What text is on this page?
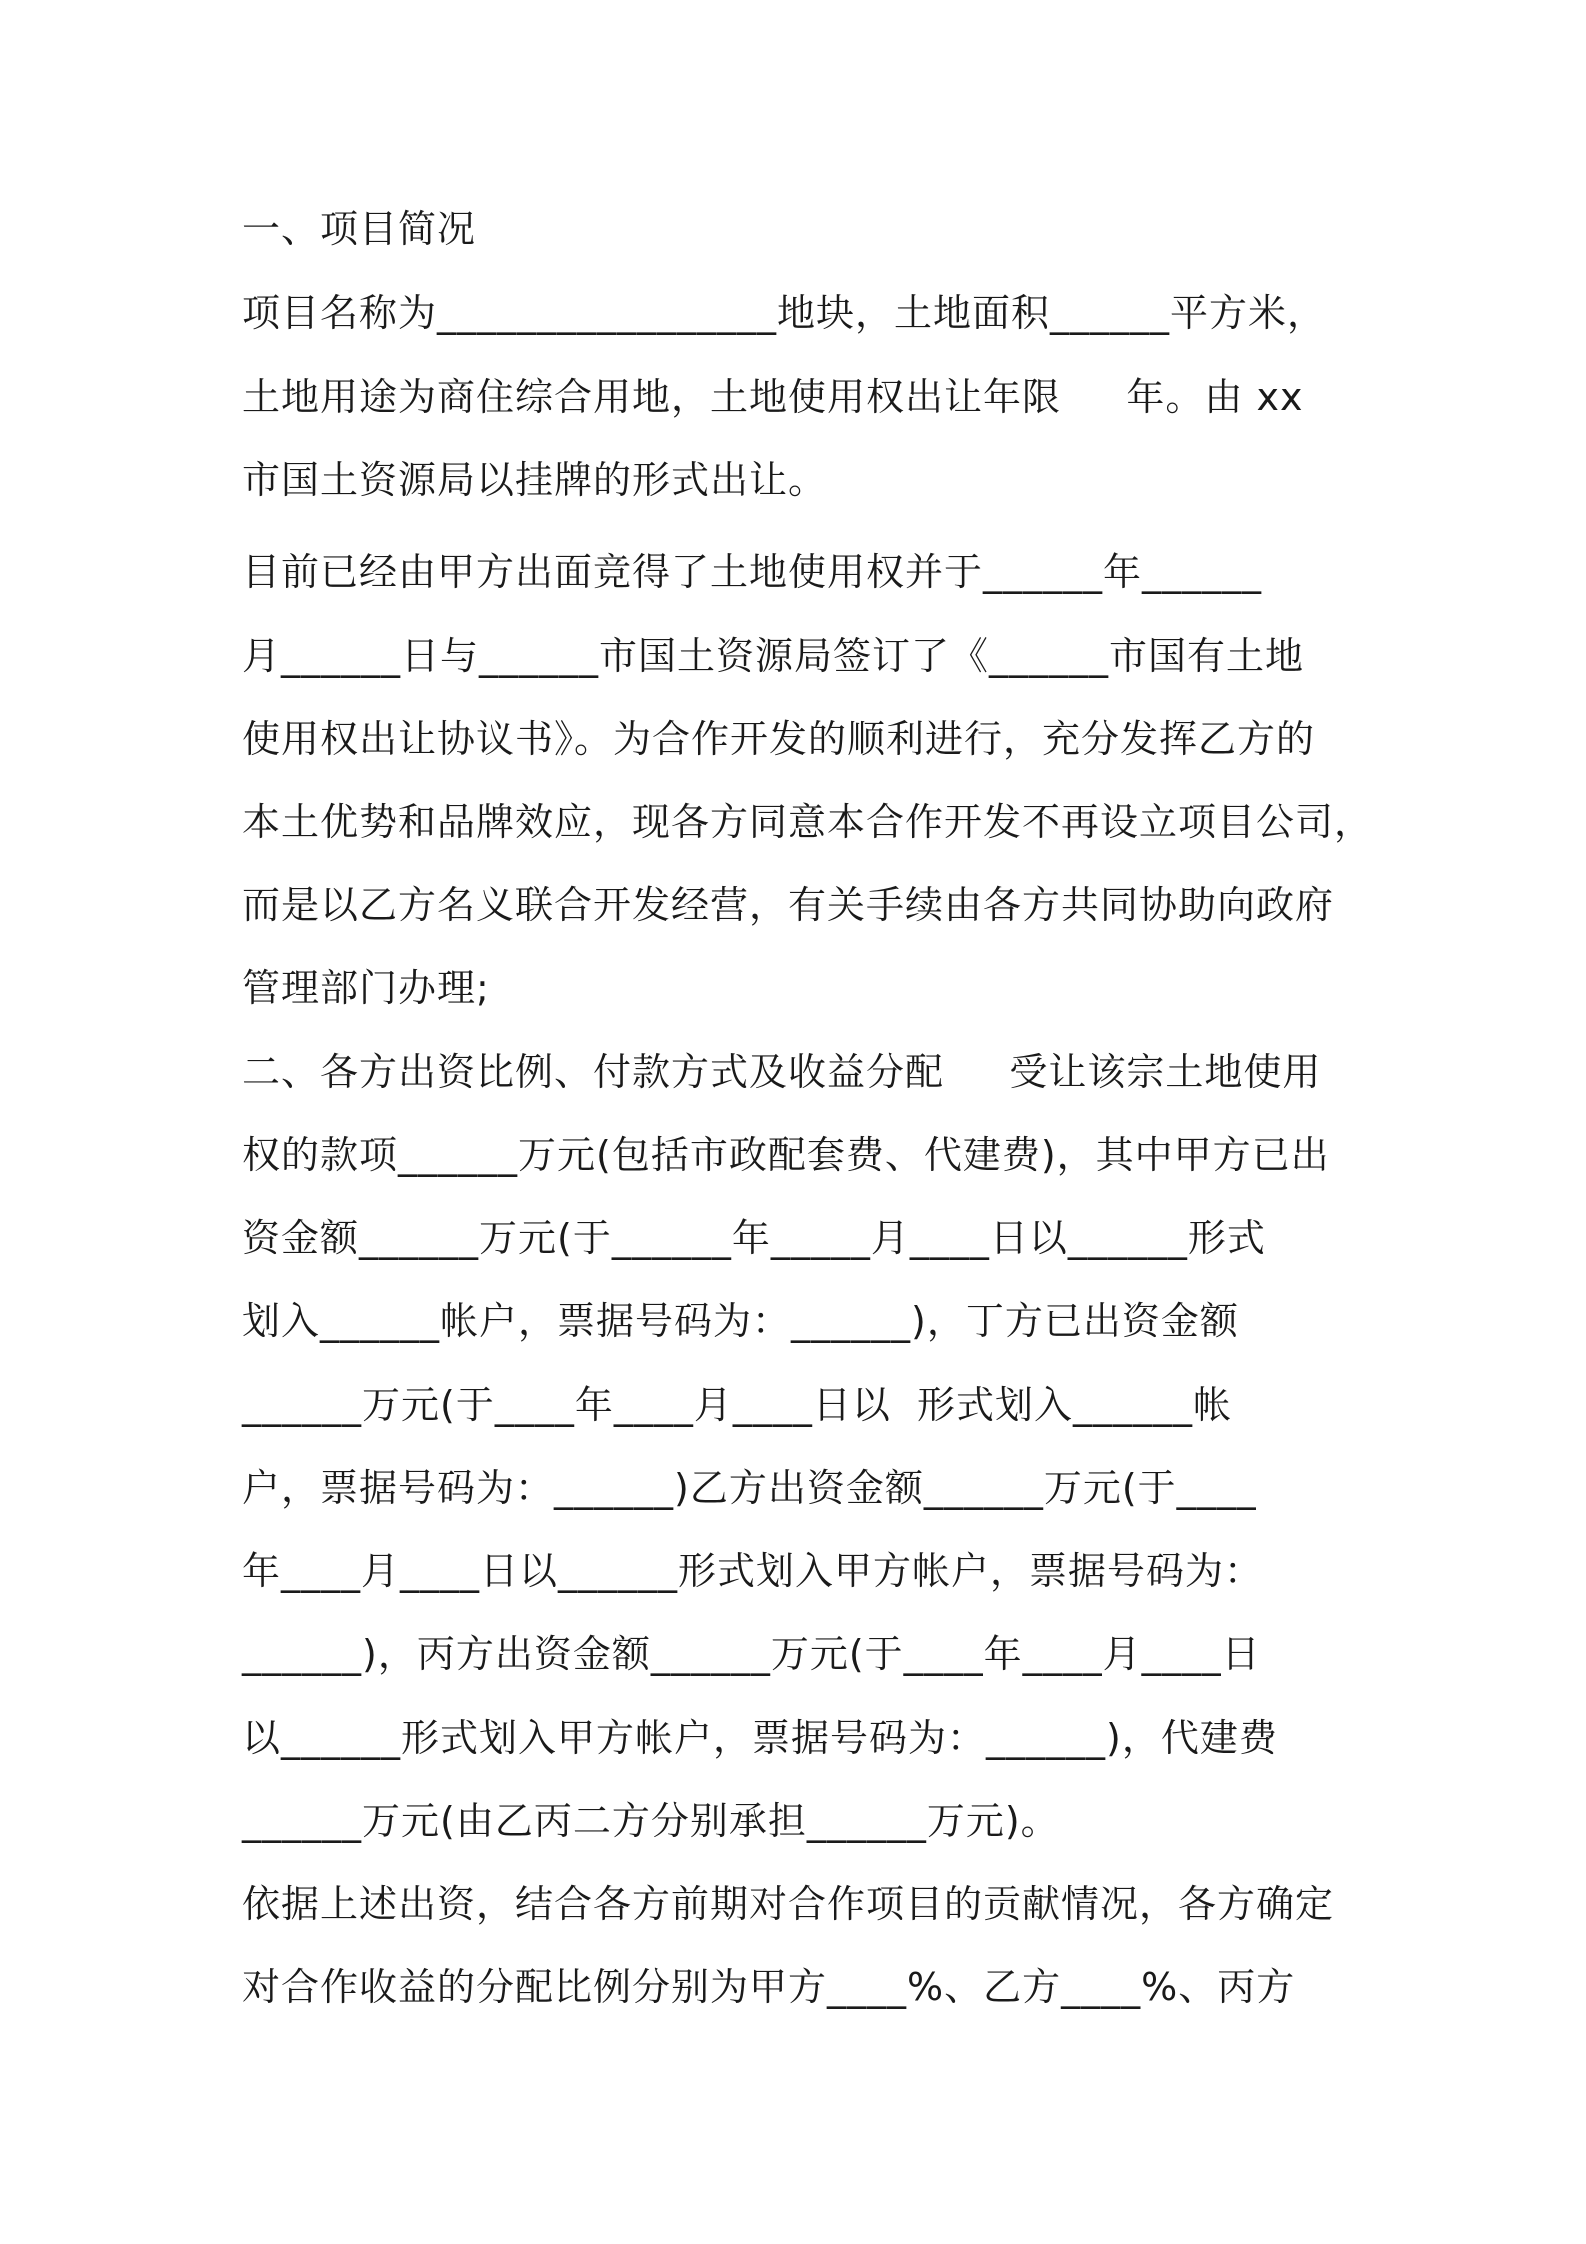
一、项目简况
项目名称为_________________地块，土地面积______平方米，
土地用途为商住综合用地，土地使用权出让年限     年。由 xx
市国土资源局以挂牌的形式出让。
目前已经由甲方出面竞得了土地使用权并于______年______
月______日与______市国土资源局签订了《______市国有土地
使用权出让协议书》。为合作开发的顺利进行，充分发挥乙方的
本土优势和品牌效应，现各方同意本合作开发不再设立项目公司，
而是以乙方名义联合开发经营，有关手续由各方共同协助向政府
管理部门办理;
二、各方出资比例、付款方式及收益分配     受让该宗土地使用
权的款项______万元(包括市政配套费、代建费)，其中甲方已出
资金额______万元(于______年_____月____日以______形式
划入______帐户，票据号码为：______)，丁方已出资金额
______万元(于____年____月____日以  形式划入______帐
户，票据号码为：______)乙方出资金额______万元(于____
年____月____日以______形式划入甲方帐户，票据号码为：
______)，丙方出资金额______万元(于____年____月____日
以______形式划入甲方帐户，票据号码为：______)，代建费
______万元(由乙丙二方分别承担______万元)。
依据上述出资，结合各方前期对合作项目的贡献情况，各方确定
对合作收益的分配比例分别为甲方____%、乙方____%、丙方
